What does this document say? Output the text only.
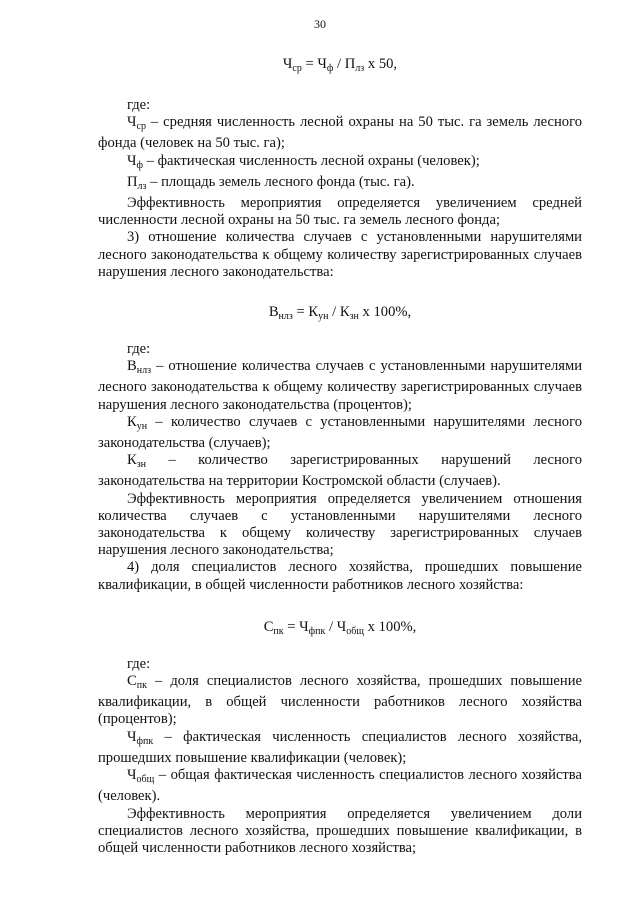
30
$Ч_{ср} = Ч_ф / П_{лз}$ х 50,

где:

$Ч_{ср}$ – средняя численность лесной охраны на 50 тыс. га земель лесного фонда (человек на 50 тыс. га);

$Ч_ф$ – фактическая численность лесной охраны (человек);

$П_{лз}$ – площадь земель лесного фонда (тыс. га).

Эффективность мероприятия определяется увеличением средней численности лесной охраны на 50 тыс. га земель лесного фонда;

3) отношение количества случаев с установленными нарушителями лесного законодательства к общему количеству зарегистрированных случаев нарушения лесного законодательства:

$В_{нлз} = К_{ун} / К_{зн}$ х 100%,

где:

$В_{нлз}$ – отношение количества случаев с установленными нарушителями лесного законодательства к общему количеству зарегистрированных случаев нарушения лесного законодательства (процентов);

$К_{ун}$ – количество случаев с установленными нарушителями лесного законодательства (случаев);

$К_{зн}$ – количество зарегистрированных нарушений лесного законодательства на территории Костромской области (случаев).

Эффективность мероприятия определяется увеличением отношения количества случаев с установленными нарушителями лесного законодательства к общему количеству зарегистрированных случаев нарушения лесного законодательства;

4) доля специалистов лесного хозяйства, прошедших повышение квалификации, в общей численности работников лесного хозяйства:

$С_{пк} = Ч_{фпк} / Ч_{общ}$ х 100%,

где:

$С_{пк}$ – доля специалистов лесного хозяйства, прошедших повышение квалификации, в общей численности работников лесного хозяйства (процентов);

$Ч_{фпк}$ – фактическая численность специалистов лесного хозяйства, прошедших повышение квалификации (человек);

$Ч_{общ}$ – общая фактическая численность специалистов лесного хозяйства (человек).

Эффективность мероприятия определяется увеличением доли специалистов лесного хозяйства, прошедших повышение квалификации, в общей численности работников лесного хозяйства;
